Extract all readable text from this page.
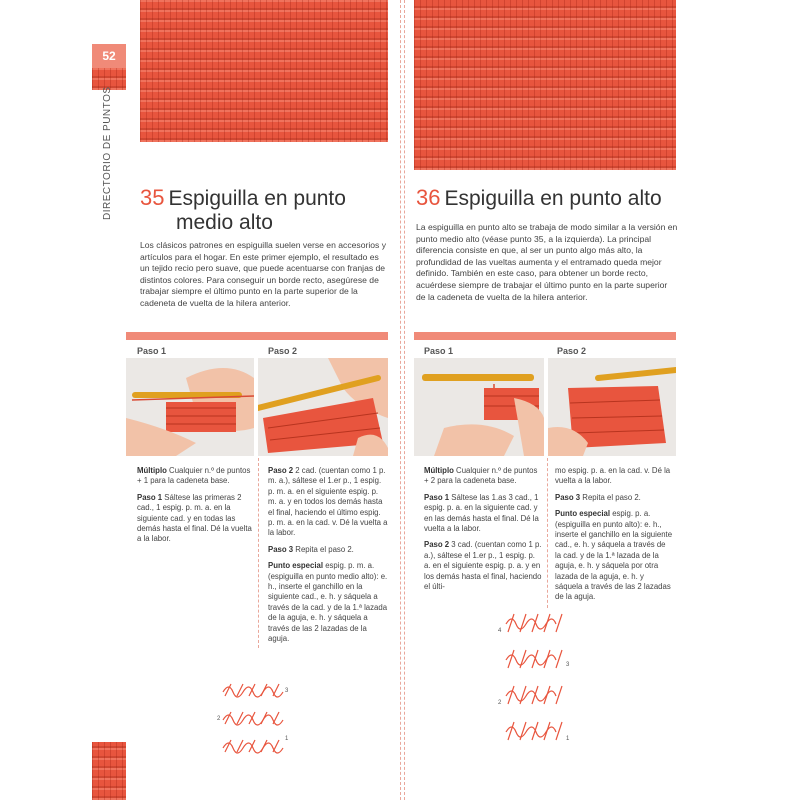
52
DIRECTORIO DE PUNTOS 35 Espiguilla en punto
medio alto
Los clásicos patrones en espiguilla suelen verse en accesorios y artículos para el hogar. En este primer ejemplo, el resultado es un tejido recio pero suave, que puede acentuarse con franjas de distintos colores. Para conseguir un borde recto, asegúrese de trabajar siempre el último punto en la parte superior de la cadeneta de vuelta de la hilera anterior.
Paso 1	Paso 2

Múltiplo Cualquier n.º de puntos + 1 para la cadeneta base.

Paso 1 Sáltese las primeras 2 cad., 1 espig. p. m. a. en la siguiente cad. y en todas las demás hasta el final. Dé la vuelta a la labor.

Paso 2 2 cad. (cuentan como 1 p. m. a.), sáltese el 1.er p., 1 espig. p. m. a. en el siguiente espig. p. m. a. y en todos los demás hasta el final, haciendo el último espig. p. m. a. en la cad. v. Dé la vuelta a la labor.

Paso 3 Repita el paso 2.

Punto especial espig. p. m. a. (espiguilla en punto medio alto): e. h., inserte el ganchillo en la siguiente cad., e. h. y sáquela a través de la cad. y de la 1.ª lazada de la aguja, e. h. y sáquela a través de las 2 lazadas de la aguja.

3
2
1
36 Espiguilla en punto alto
La espiguilla en punto alto se trabaja de modo similar a la versión en punto medio alto (véase punto 35, a la izquierda). La principal diferencia consiste en que, al ser un punto algo más alto, la profundidad de las vueltas aumenta y el entramado queda mejor definido. También en este caso, para obtener un borde recto, acuérdese siempre de trabajar el último punto en la parte superior de la cadeneta de vuelta de la hilera anterior.
Paso 1	Paso 2

Múltiplo Cualquier n.º de puntos + 2 para la cadeneta base.

Paso 1 Sáltese las 1.as 3 cad., 1 espig. p. a. en la siguiente cad. y en las demás hasta el final. Dé la vuelta a la labor.

Paso 2 3 cad. (cuentan como 1 p. a.), sáltese el 1.er p., 1 espig. p. a. en el siguiente espig. p. a. y en los demás hasta el final, haciendo el últi-

mo espig. p. a. en la cad. v. Dé la vuelta a la labor.

Paso 3 Repita el paso 2.

Punto especial espig. p. a. (espiguilla en punto alto): e. h., inserte el ganchillo en la siguiente cad., e. h. y sáquela a través de la cad. y de la 1.ª lazada de la aguja, e. h. y sáquela por otra lazada de la aguja, e. h. y sáquela a través de las 2 lazadas de la aguja.

4
3
2
1
